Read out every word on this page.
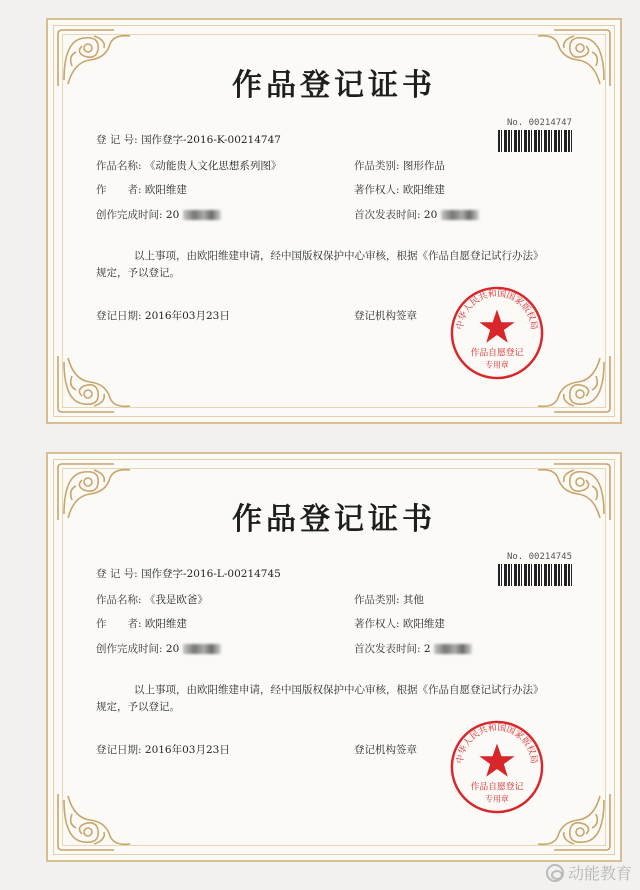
作品登记证书
No. 00214747
登 记 号: 国作登字-2016-K-00214747
作品名称: 《动能贵人文化思想系列图》	作品类别: 图形作品
作　　者: 欧阳维建	著作权人: 欧阳维建
创作完成时间: 20	首次发表时间: 20
以上事项，由欧阳维建申请，经中国版权保护中心审核，根据《作品自愿登记试行办法》
规定，予以登记。
登记日期: 2016年03月23日	登记机构签章
中华人民共和国国家版权局
作品自愿登记
专用章
作品登记证书
No. 00214745
登 记 号: 国作登字-2016-L-00214745
作品名称: 《我是欧爸》	作品类别: 其他
作　　者: 欧阳维建	著作权人: 欧阳维建
创作完成时间: 20	首次发表时间: 2
以上事项，由欧阳维建申请，经中国版权保护中心审核，根据《作品自愿登记试行办法》
规定，予以登记。
登记日期: 2016年03月23日	登记机构签章
中华人民共和国国家版权局
作品自愿登记
专用章
动能教育
